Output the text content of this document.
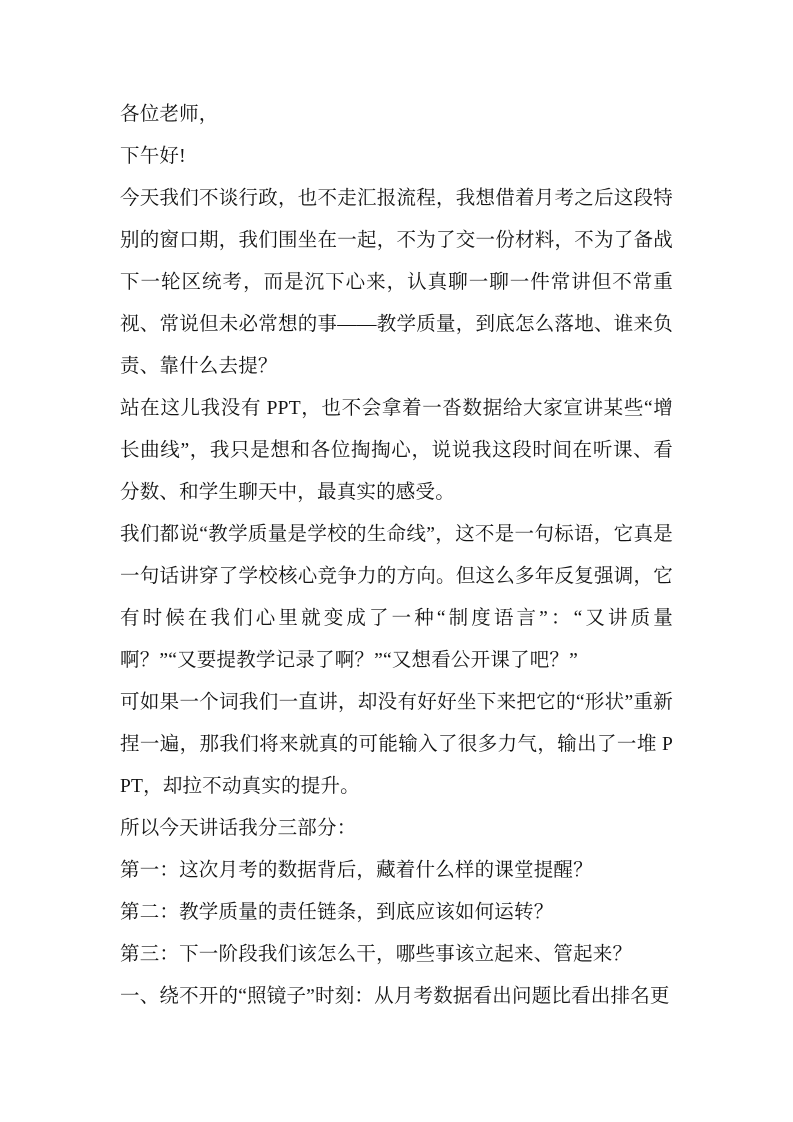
各位老师，

下午好!

今天我们不谈行政，也不走汇报流程，我想借着月考之后这段特别的窗口期，我们围坐在一起，不为了交一份材料，不为了备战下一轮区统考，而是沉下心来，认真聊一聊一件常讲但不常重视、常说但未必常想的事——教学质量，到底怎么落地、谁来负责、靠什么去提？

站在这儿我没有 PPT，也不会拿着一沓数据给大家宣讲某些“增长曲线”，我只是想和各位掏掏心，说说我这段时间在听课、看分数、和学生聊天中，最真实的感受。

我们都说“教学质量是学校的生命线”，这不是一句标语，它真是一句话讲穿了学校核心竞争力的方向。但这么多年反复强调，它有时候在我们心里就变成了一种“制度语言”：“又讲质量啊？”“又要提教学记录了啊？”“又想看公开课了吧？”

可如果一个词我们一直讲，却没有好好坐下来把它的“形状”重新捏一遍，那我们将来就真的可能输入了很多力气，输出了一堆 PPT，却拉不动真实的提升。

所以今天讲话我分三部分：

第一：这次月考的数据背后，藏着什么样的课堂提醒？

第二：教学质量的责任链条，到底应该如何运转？

第三：下一阶段我们该怎么干，哪些事该立起来、管起来？

一、绕不开的“照镜子”时刻：从月考数据看出问题比看出排名更
